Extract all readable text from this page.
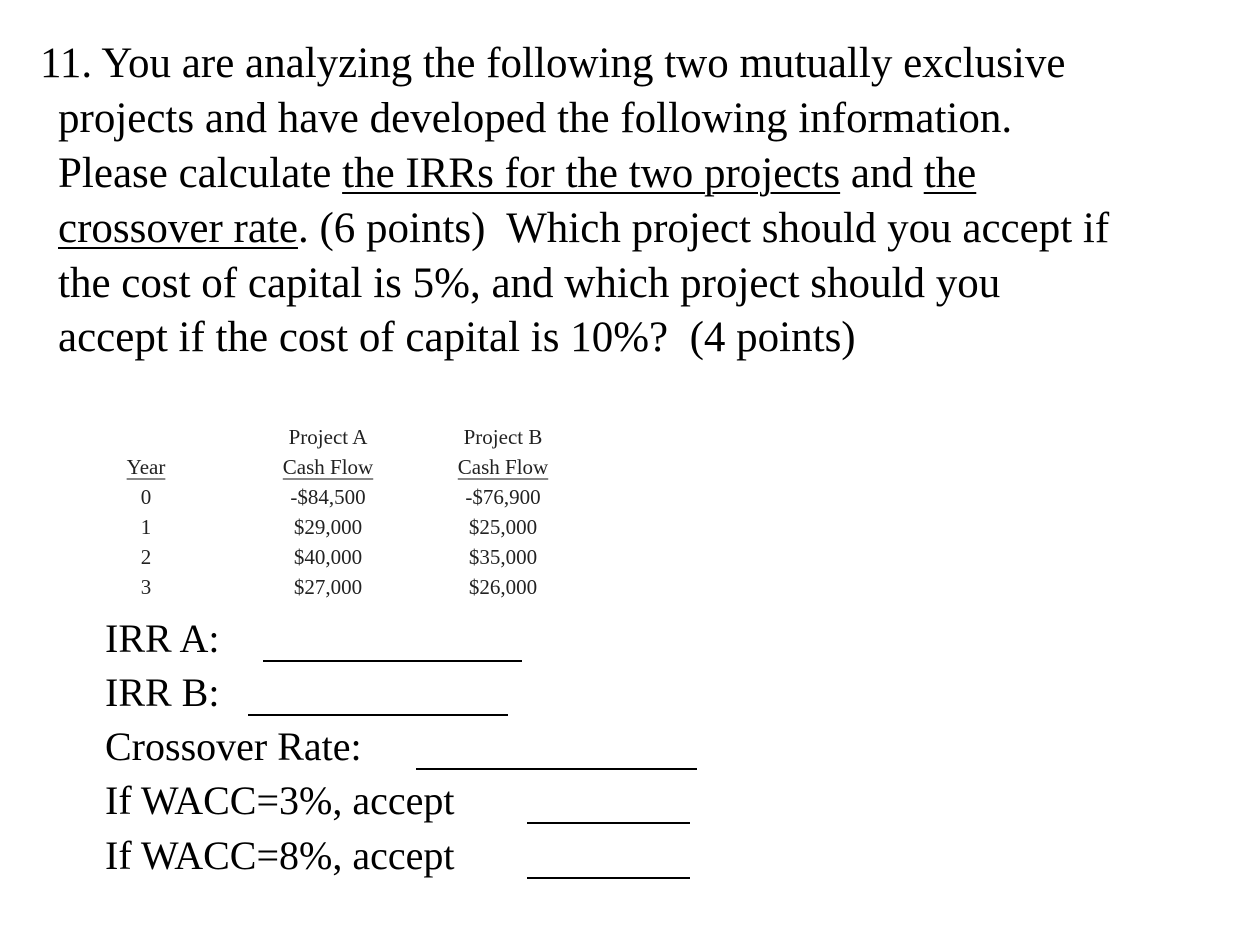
11. You are analyzing the following two mutually exclusive
projects and have developed the following information.
Please calculate the IRRs for the two projects and the
crossover rate. (6 points)  Which project should you accept if
the cost of capital is 5%, and which project should you
accept if the cost of capital is 10%?  (4 points)

Year
0
1
2
3
Project A
Cash Flow
-$84,500
$29,000
$40,000
$27,000
Project B
Cash Flow
-$76,900
$25,000
$35,000
$26,000
IRR A:
IRR B:
Crossover Rate:
If WACC=3%, accept
If WACC=8%, accept
